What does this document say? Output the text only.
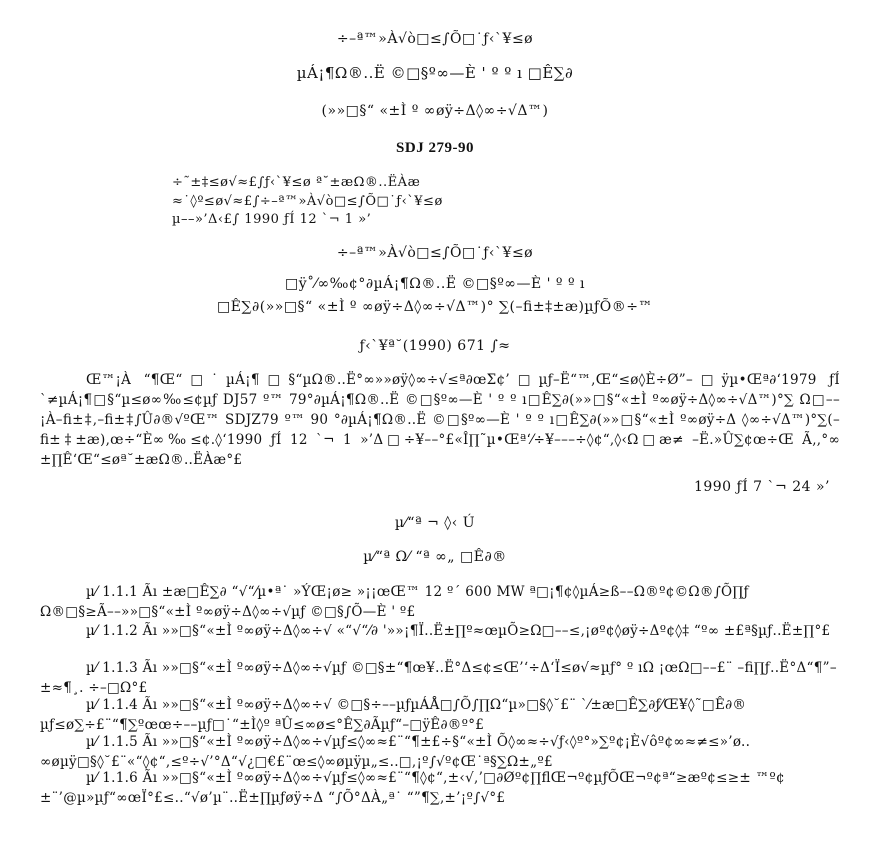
÷–ª™»À√ò□≤∫Õ□˙ƒ‹`¥≤ø
µÁ¡¶Ω®..Ë ©□§º∞—È ' º º ı □Ê∑∂
(»»□§“ «±Ì º ∞øÿ÷Δ◊∞÷√Δ™)
SDJ 279-90
÷˜±‡≤ø√≈£∫ƒ‹`¥≤ø ª˘±æΩ®..ËÀæ
≈˙◊º≤ø√≈£∫÷–ª™»À√ò□≤∫Õ□˙ƒ‹`¥≤ø
µ––»’Δ‹£∫ 1990 ƒÍ 12 `¬ 1 »’
÷–ª™»À√ò□≤∫Õ□˙ƒ‹`¥≤ø
□ÿ˚⁄∞‰¢°∂µÁ¡¶Ω®..Ë ©□§º∞—È ' º º ı
□Ê∑∂(»»□§“ «±Ì º ∞øÿ÷Δ◊∞÷√Δ™)° ∑(–ﬁ±‡±æ)µƒÕ®÷™
ƒ‹`¥ª˘(1990) 671 ∫≈
Œ™¡À “¶Œ“□˙µÁ¡¶□§“µΩ®..Ë°∞»»øÿ◊∞÷√≤ª∂œΣ¢’□µƒ–Ë“™,Œ“≤ø◊È÷Ø”–□ÿµ•Œª∂‘1979 ƒÍ `≠µÁ¡¶□§“µ≤ø∞‰≤¢µƒ DJ57 º™ 79°∂µÁ¡¶Ω®..Ë ©□§º∞—È ' º º ı□Ê∑∂(»»□§“«±Ì º∞øÿ÷Δ◊∞÷√Δ™)°∑ Ω□––¡À–ﬁ±‡,–ﬁ±‡∫Û∂®√ºŒ™ SDJZ79 º™ 90 °∂µÁ¡¶Ω®..Ë ©□§º∞—È ' º º ı□Ê∑∂(»»□§“«±Ì º∞øÿ÷Δ ◊∞÷√Δ™)°∑(–ﬁ±‡±æ),œ÷“È∞‰≤¢.◊‘1990 ƒÍ 12 `¬ 1 »’Δ□÷¥––°£«Î∏˜µ•Œª‘⁄÷¥–––÷◊¢“,◊‹Ω□æ≠ –Ë.»Û∑¢œ÷Œ Ã,,°∞ ±∏Ê‘Œ“≤øª˘±æΩ®..ËÀæ°£
1990 ƒÍ 7 `¬ 24 »’
µ⁄“ª ¬ ◊‹ Ú
µ⁄“ª Ω⁄ “ª ∞„ □Ê∂®
µ⁄ 1.1.1 Ãı ±æ□Ê∑∂ “√“⁄µ•ª˙ »ÝŒ¡ø≥ »¡¡œŒ™ 12 º´ 600 MW ª□¡¶¢◊µÁ≥ß––Ω®º¢©Ω®∫Õ∏ƒ Ω®□§≥Ã––»»□§“«±Ì º∞øÿ÷Δ◊∞÷√µƒ ©□§∫Õ—È ' º£
µ⁄ 1.1.2 Ãı »»□§“«±Ì º∞øÿ÷Δ◊∞÷√ «“√“⁄∂ '»»¡¶Ï..Ë±∏º≈œµÕ≥Ω□––≤‚¡øº¢◊øÿ÷Δº¢◊‡ “º∞ ±£ª§µƒ..Ë±∏°£
µ⁄ 1.1.3 Ãı »»□§“«±Ì º∞øÿ÷Δ◊∞÷√µƒ ©□§±“¶œ¥..Ë°Δ≤¢≤Œ’‘÷Δ‘Ï≤ø√≈µƒ° º ıΩ ¡œΩ□––£¨ –ﬁ∏ƒ..Ë°Δ“¶”–±≈¶¸. ÷–□Ω°£
µ⁄ 1.1.4 Ãı »»□§“«±Ì º∞øÿ÷Δ◊∞÷√ ©□§÷––µƒµÁÅ□∫Õ∫∏Ω“µ»□§◊˘£¨ `⁄±æ□Ê∑∂ƒ⁄Œ¥◊˜□Ê∂® µƒ≤ø∑÷£¨“¶∑ºœœ÷––µƒ□˙“±Ì◊º ªÛ≤∞ø≤°Ê∑∂Ãµƒ“–□ÿÊ∂®º°£
µ⁄ 1.1.5 Ãı »»□§“«±Ì º∞øÿ÷Δ◊∞÷√µƒ≤◊∞≈£¨“¶±£÷§“«±Ì Õ◊∞≈÷√ƒ‹◊º°»∑º¢¡È√ôº¢∞≈≠≤»’ø.. ∞øµÿ□§◊˘£¨«“◊¢“,≤º÷√’°Δ“√¿□€£¨œ≤◊∞øµÿµ„≤..□,¡º∫√º¢Œ˙ª§∑Ω±„º£
µ⁄ 1.1.6 Ãı »»□§“«±Ì º∞øÿ÷Δ◊∞÷√µƒ≤◊∞≈£¨“¶◊¢“,±‹√,’□∂Øº¢∏ﬂŒ¬º¢µƒÕŒ¬º¢ª“≥æº¢≤≥± ™º¢±¨’@µ»µƒ“∞œÏ°£≤..“√ø’µ¨..Ë±∏µƒøÿ÷Δ “∫Õ°ΔÀ„ª˙ “”¶∑,±’¡º∫√°£
